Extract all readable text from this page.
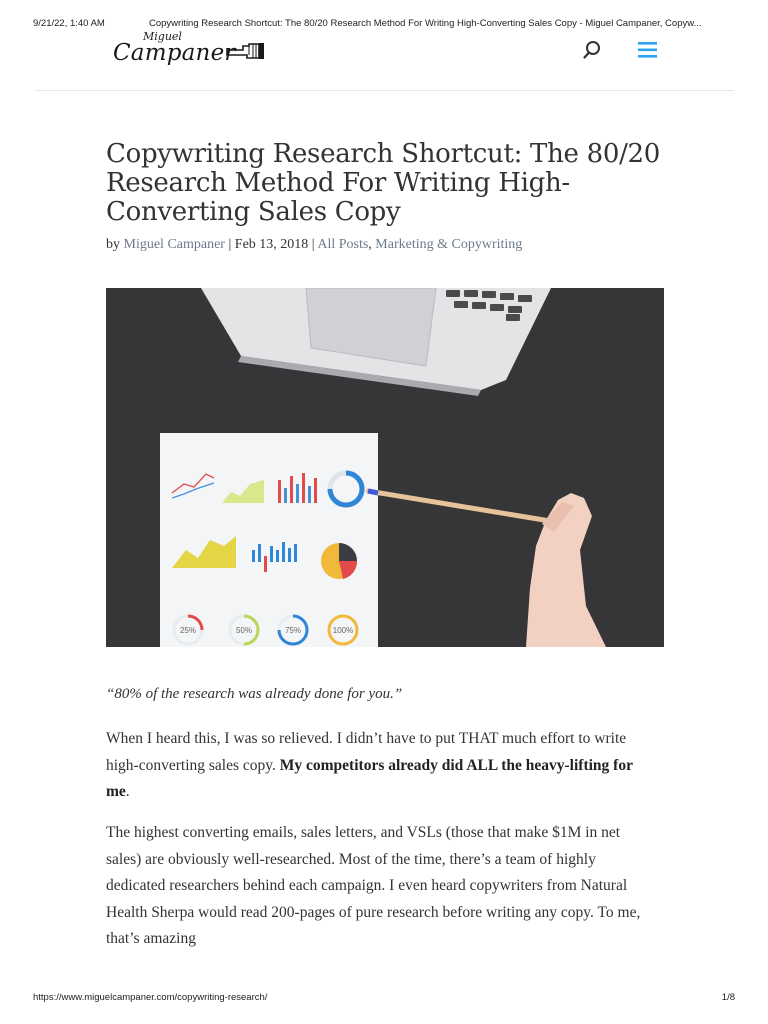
9/21/22, 1:40 AM	Copywriting Research Shortcut: The 80/20 Research Method For Writing High-Converting Sales Copy - Miguel Campaner, Copyw...
Miguel
Campaner
Copywriting Research Shortcut: The 80/20 Research Method For Writing High-Converting Sales Copy
by Miguel Campaner | Feb 13, 2018 | All Posts, Marketing & Copywriting
25%	50%	75%	100%

“80% of the research was already done for you.”

When I heard this, I was so relieved. I didn’t have to put THAT much effort to write high-converting sales copy. My competitors already did ALL the heavy-lifting for me.

The highest converting emails, sales letters, and VSLs (those that make $1M in net sales) are obviously well-researched. Most of the time, there’s a team of highly dedicated researchers behind each campaign. I even heard copywriters from Natural Health Sherpa would read 200-pages of pure research before writing any copy. To me, that’s amazing

https://www.miguelcampaner.com/copywriting-research/	1/8
